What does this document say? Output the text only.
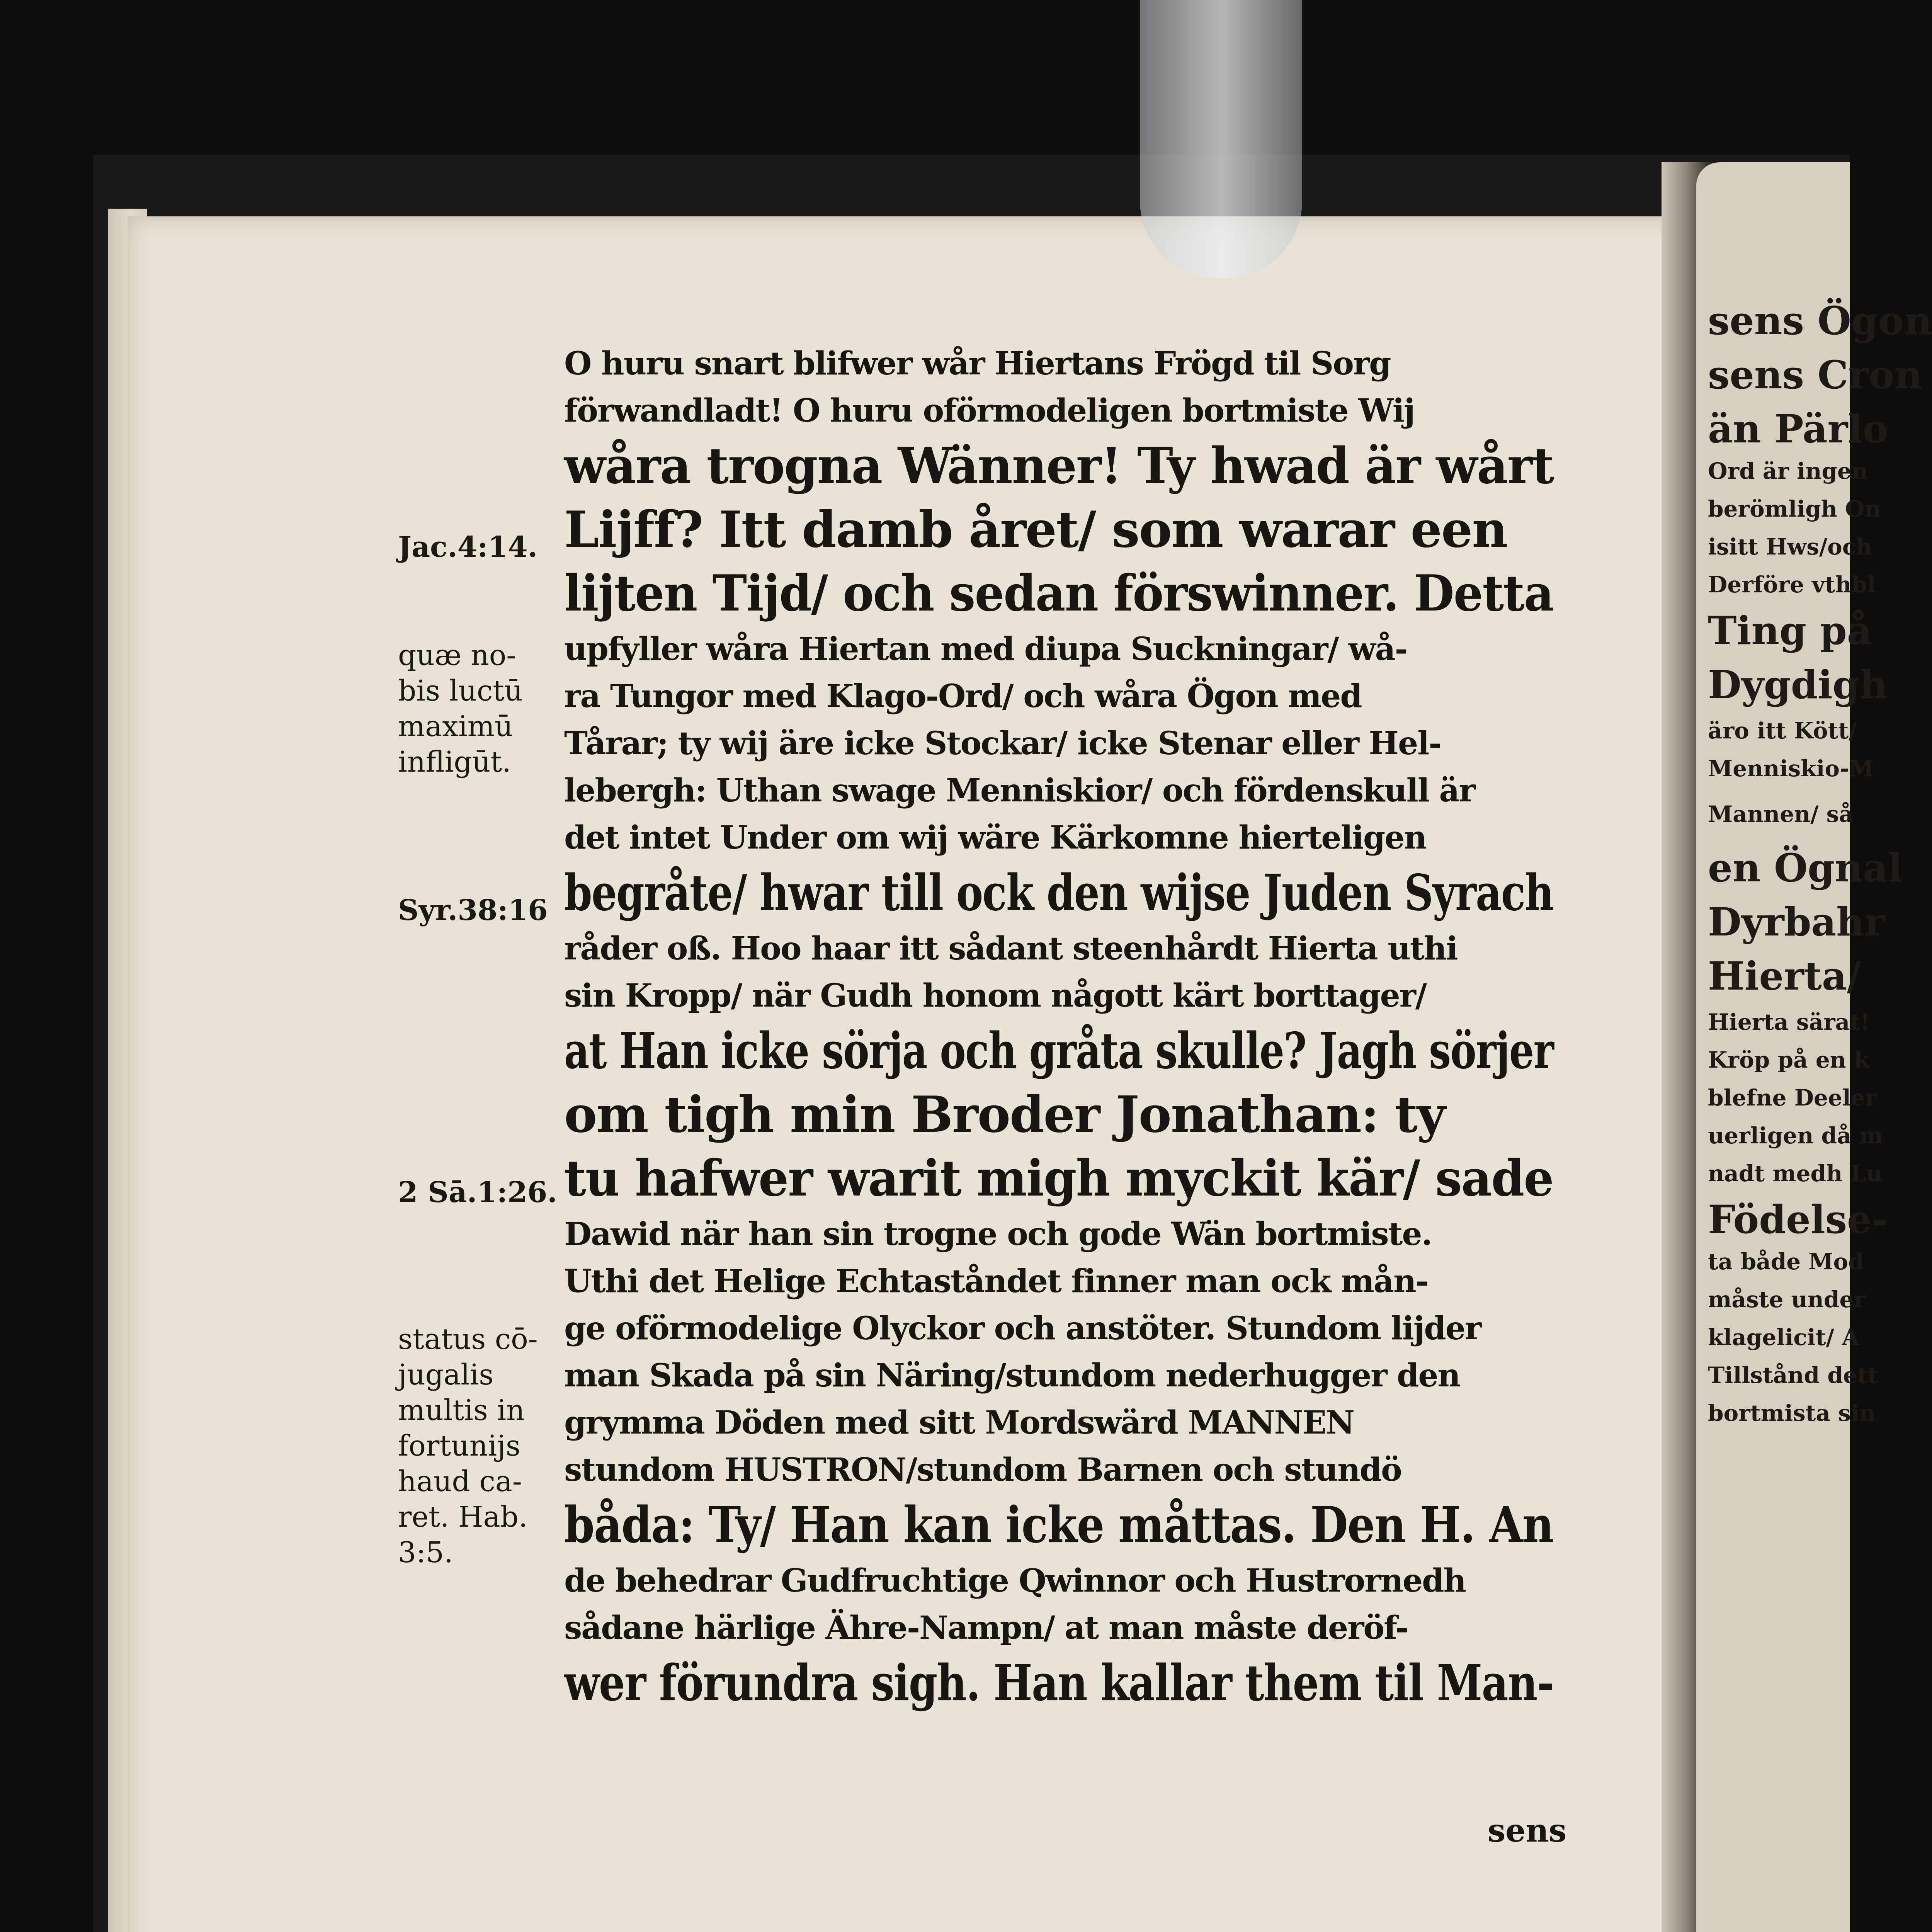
sens Ögon
sens Cron
än Pärlo
Ord är ingen
berömligh On
isitt Hws/och
Derföre vthbl
Ting på
Dygdigh
äro itt Kött/
Menniskio-M
Mannen/ så
en Ögnal
Dyrbahr
Hierta/
Hierta särat!
Kröp på en k
blefne Deeler
uerligen då m
nadt medh Lu
Födelse-
ta både Mod
måste under
klagelicit/ A
Tillstånd dett
bortmista sin
O huru snart blifwer wår Hiertans Frögd til Sorg
förwandladt! O huru oförmodeligen bortmiste Wij
wåra trogna Wänner! Ty hwad är wårt
Lijff? Itt damb året/ som warar een
lijten Tijd/ och sedan förswinner. Detta
upfyller wåra Hiertan med diupa Suckningar/ wå-
ra Tungor med Klago-Ord/ och wåra Ögon med
Tårar; ty wij äre icke Stockar/ icke Stenar eller Hel-
lebergh: Uthan swage Menniskior/ och fördenskull är
det intet Under om wij wäre Kärkomne hierteligen
begråte/ hwar till ock den wijse Juden Syrach
råder oß. Hoo haar itt sådant steenhårdt Hierta uthi
sin Kropp/ när Gudh honom någott kärt borttager/
at Han icke sörja och gråta skulle? Jagh sörjer
om tigh min Broder Jonathan: ty
tu hafwer warit migh myckit kär/ sade
Dawid när han sin trogne och gode Wän bortmiste.
Uthi det Helige Echtaståndet finner man ock mån-
ge oförmodelige Olyckor och anstöter. Stundom lijder
man Skada på sin Näring/stundom nederhugger den
grymma Döden med sitt Mordswärd MANNEN
stundom HUSTRON/stundom Barnen och stundö
båda: Ty/ Han kan icke måttas. Den H. An
de behedrar Gudfruchtige Qwinnor och Hustrornedh
sådane härlige Ähre-Nampn/ at man måste deröf-
wer förundra sigh. Han kallar them til Man-
sens
Jac.4:14.
quæ no-
bis luctū
maximū
infligūt.
Syr.38:16
2 Sā.1:26.
status cō-
jugalis
multis in
fortunijs
haud ca-
ret. Hab.
3:5.
